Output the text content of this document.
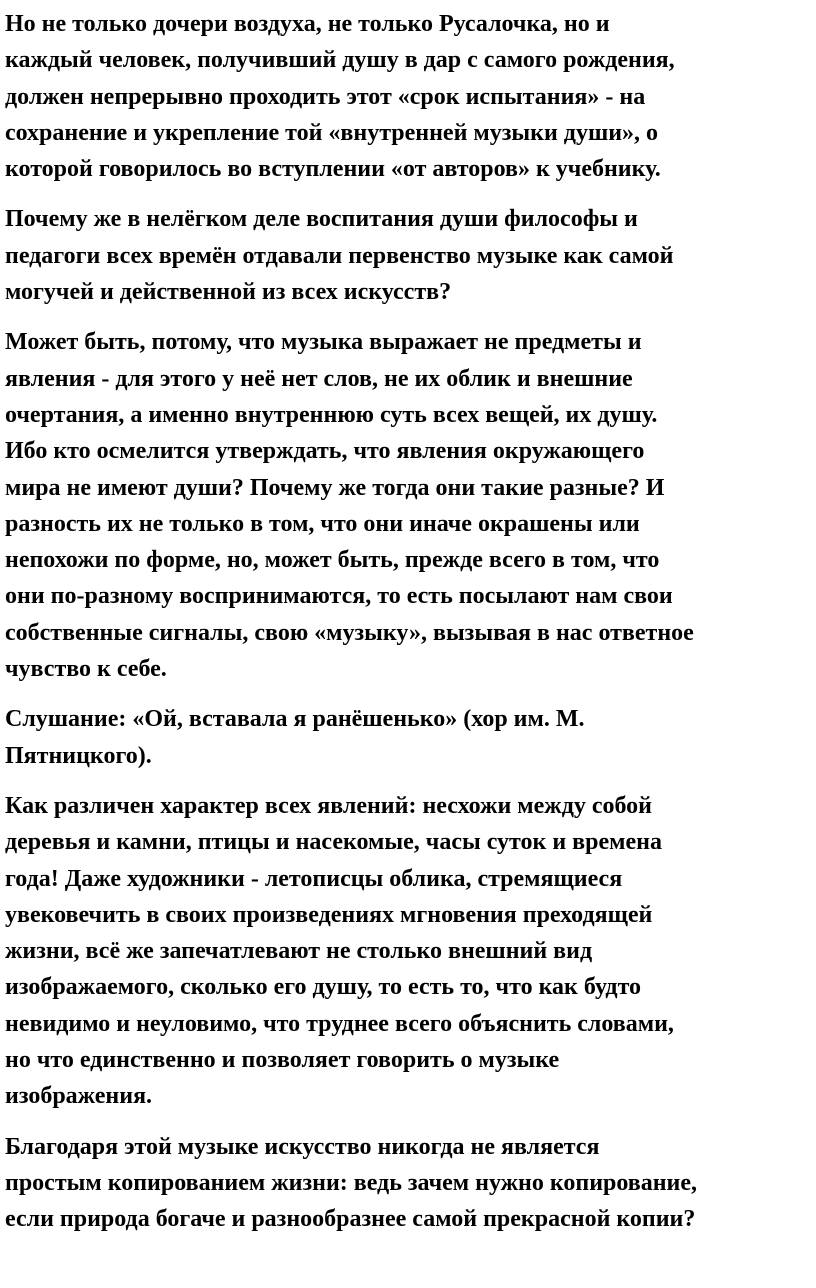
Но не только дочери воздуха, не только Русалочка, но и
каждый человек, получивший душу в дар с самого рождения,
должен непрерывно проходить этот «срок испытания» - на
сохранение и укрепление той «внутренней музыки души», о
которой говорилось во вступлении «от авторов» к учебнику.

Почему же в нелёгком деле воспитания души философы и
педагоги всех времён отдавали первенство музыке как самой
могучей и действенной из всех искусств?

Может быть, потому, что музыка выражает не предметы и
явления - для этого у неё нет слов, не их облик и внешние
очертания, а именно внутреннюю суть всех вещей, их душу.
Ибо кто осмелится утверждать, что явления окружающего
мира не имеют души? Почему же тогда они такие разные? И
разность их не только в том, что они иначе окрашены или
непохожи по форме, но, может быть, прежде всего в том, что
они по-разному воспринимаются, то есть посылают нам свои
собственные сигналы, свою «музыку», вызывая в нас ответное
чувство к себе.

Слушание: «Ой, вставала я ранёшенько» (хор им. М.
Пятницкого).

Как различен характер всех явлений: несхожи между собой
деревья и камни, птицы и насекомые, часы суток и времена
года! Даже художники - летописцы облика, стремящиеся
увековечить в своих произведениях мгновения преходящей
жизни, всё же запечатлевают не столько внешний вид
изображаемого, сколько его душу, то есть то, что как будто
невидимо и неуловимо, что труднее всего объяснить словами,
но что единственно и позволяет говорить о музыке
изображения.

Благодаря этой музыке искусство никогда не является
простым копированием жизни: ведь зачем нужно копирование,
если природа богаче и разнообразнее самой прекрасной копии?
